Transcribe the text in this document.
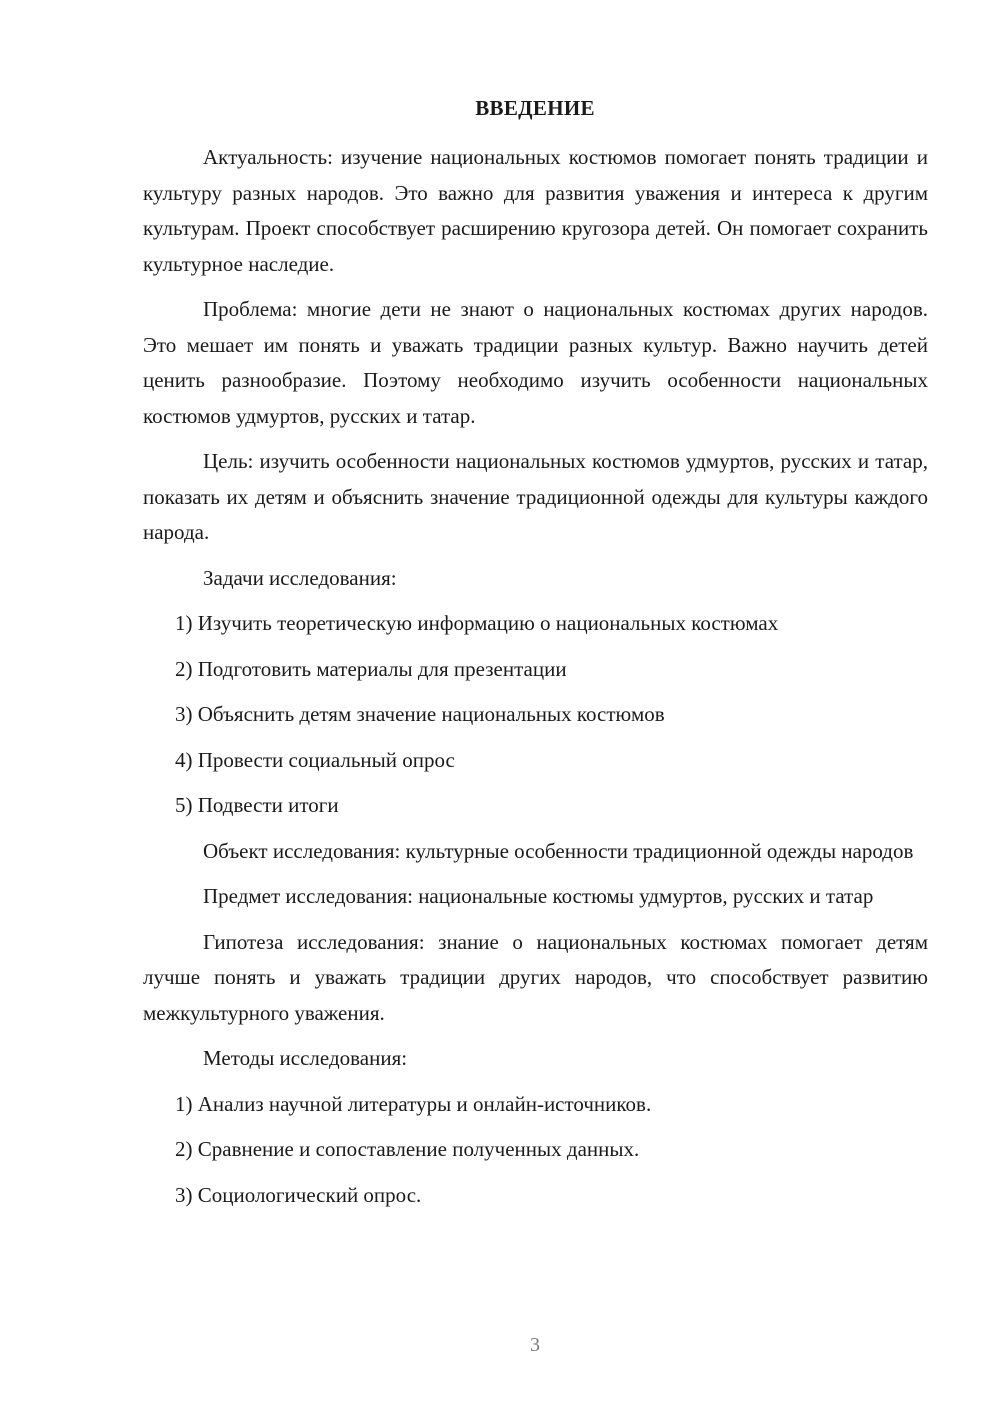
ВВЕДЕНИЕ

Актуальность: изучение национальных костюмов помогает понять традиции и культуру разных народов. Это важно для развития уважения и интереса к другим культурам. Проект способствует расширению кругозора детей. Он помогает сохранить культурное наследие.

Проблема: многие дети не знают о национальных костюмах других народов. Это мешает им понять и уважать традиции разных культур. Важно научить детей ценить разнообразие. Поэтому необходимо изучить особенности национальных костюмов удмуртов, русских и татар.

Цель: изучить особенности национальных костюмов удмуртов, русских и татар, показать их детям и объяснить значение традиционной одежды для культуры каждого народа.

Задачи исследования:

1) Изучить теоретическую информацию о национальных костюмах
2) Подготовить материалы для презентации
3) Объяснить детям значение национальных костюмов
4) Провести социальный опрос
5) Подвести итоги

Объект исследования: культурные особенности традиционной одежды народов

Предмет исследования: национальные костюмы удмуртов, русских и татар

Гипотеза исследования: знание о национальных костюмах помогает детям лучше понять и уважать традиции других народов, что способствует развитию межкультурного уважения.

Методы исследования:

1) Анализ научной литературы и онлайн-источников.
2) Сравнение и сопоставление полученных данных.
3) Социологический опрос.
3
